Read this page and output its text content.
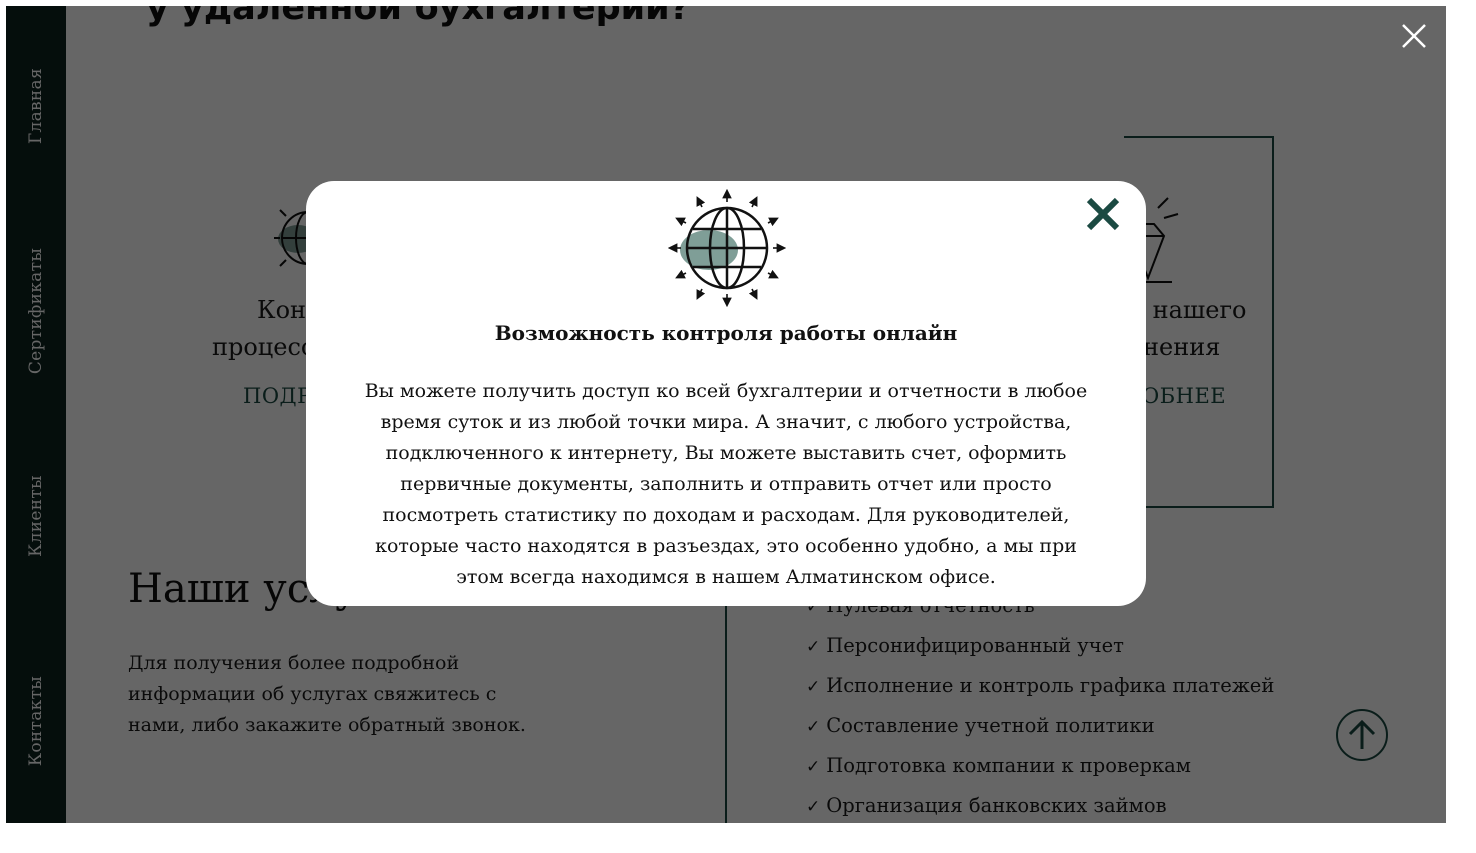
Возможность контроля работы онлайн

Вы можете получить доступ ко всей бухгалтерии и отчетности в любое время суток и из любой точки мира. А значит, с любого устройства, подключенного к интернету, Вы можете выставить счет, оформить первичные документы, заполнить и отправить отчет или просто посмотреть статистику по доходам и расходам. Для руководителей, которые часто находятся в разъездах, это особенно удобно, а мы при этом всегда находимся в нашем Алматинском офисе.
